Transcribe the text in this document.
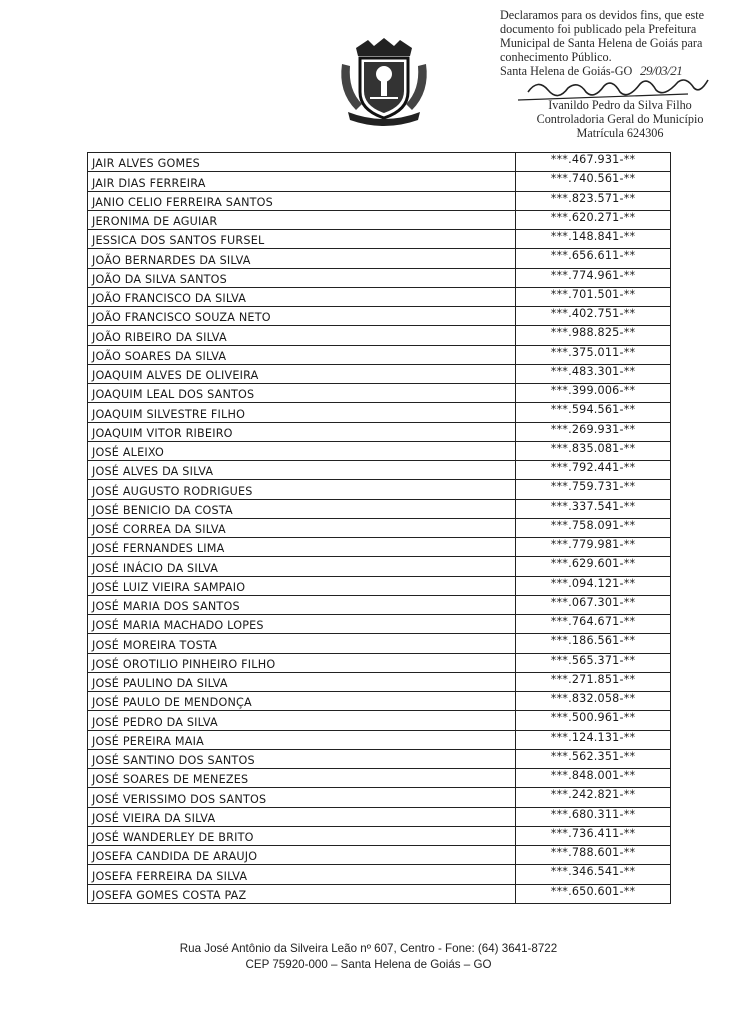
Declaramos para os devidos fins, que este
documento foi publicado pela Prefeitura
Municipal de Santa Helena de Goiás para
conhecimento Público.
Santa Helena de Goiás-GO 29/03/21
Ivanildo Pedro da Silva Filho
Controladoria Geral do Município
Matrícula 624306
JAIR ALVES GOMES	***.467.931-**
JAIR DIAS FERREIRA	***.740.561-**
JANIO CELIO FERREIRA SANTOS	***.823.571-**
JERONIMA DE AGUIAR	***.620.271-**
JESSICA DOS SANTOS FURSEL	***.148.841-**
JOÃO BERNARDES DA SILVA	***.656.611-**
JOÃO DA SILVA SANTOS	***.774.961-**
JOÃO FRANCISCO DA SILVA	***.701.501-**
JOÃO FRANCISCO SOUZA NETO	***.402.751-**
JOÃO RIBEIRO DA SILVA	***.988.825-**
JOÃO SOARES DA SILVA	***.375.011-**
JOAQUIM ALVES DE OLIVEIRA	***.483.301-**
JOAQUIM LEAL DOS SANTOS	***.399.006-**
JOAQUIM SILVESTRE FILHO	***.594.561-**
JOAQUIM VITOR RIBEIRO	***.269.931-**
JOSÉ ALEIXO	***.835.081-**
JOSÉ ALVES DA SILVA	***.792.441-**
JOSÉ AUGUSTO RODRIGUES	***.759.731-**
JOSÉ BENICIO DA COSTA	***.337.541-**
JOSÉ CORREA DA SILVA	***.758.091-**
JOSÉ FERNANDES LIMA	***.779.981-**
JOSÉ INÁCIO DA SILVA	***.629.601-**
JOSÉ LUIZ VIEIRA SAMPAIO	***.094.121-**
JOSÉ MARIA DOS SANTOS	***.067.301-**
JOSÉ MARIA MACHADO LOPES	***.764.671-**
JOSÉ MOREIRA TOSTA	***.186.561-**
JOSÉ OROTILIO PINHEIRO FILHO	***.565.371-**
JOSÉ PAULINO DA SILVA	***.271.851-**
JOSÉ PAULO DE MENDONÇA	***.832.058-**
JOSÉ PEDRO DA SILVA	***.500.961-**
JOSÉ PEREIRA MAIA	***.124.131-**
JOSÉ SANTINO DOS SANTOS	***.562.351-**
JOSÉ SOARES DE MENEZES	***.848.001-**
JOSÉ VERISSIMO DOS SANTOS	***.242.821-**
JOSÉ VIEIRA DA SILVA	***.680.311-**
JOSÉ WANDERLEY DE BRITO	***.736.411-**
JOSEFA CANDIDA DE ARAUJO	***.788.601-**
JOSEFA FERREIRA DA SILVA	***.346.541-**
JOSEFA GOMES COSTA PAZ	***.650.601-**
Rua José Antônio da Silveira Leão nº 607, Centro - Fone: (64) 3641-8722
CEP 75920-000 – Santa Helena de Goiás – GO
